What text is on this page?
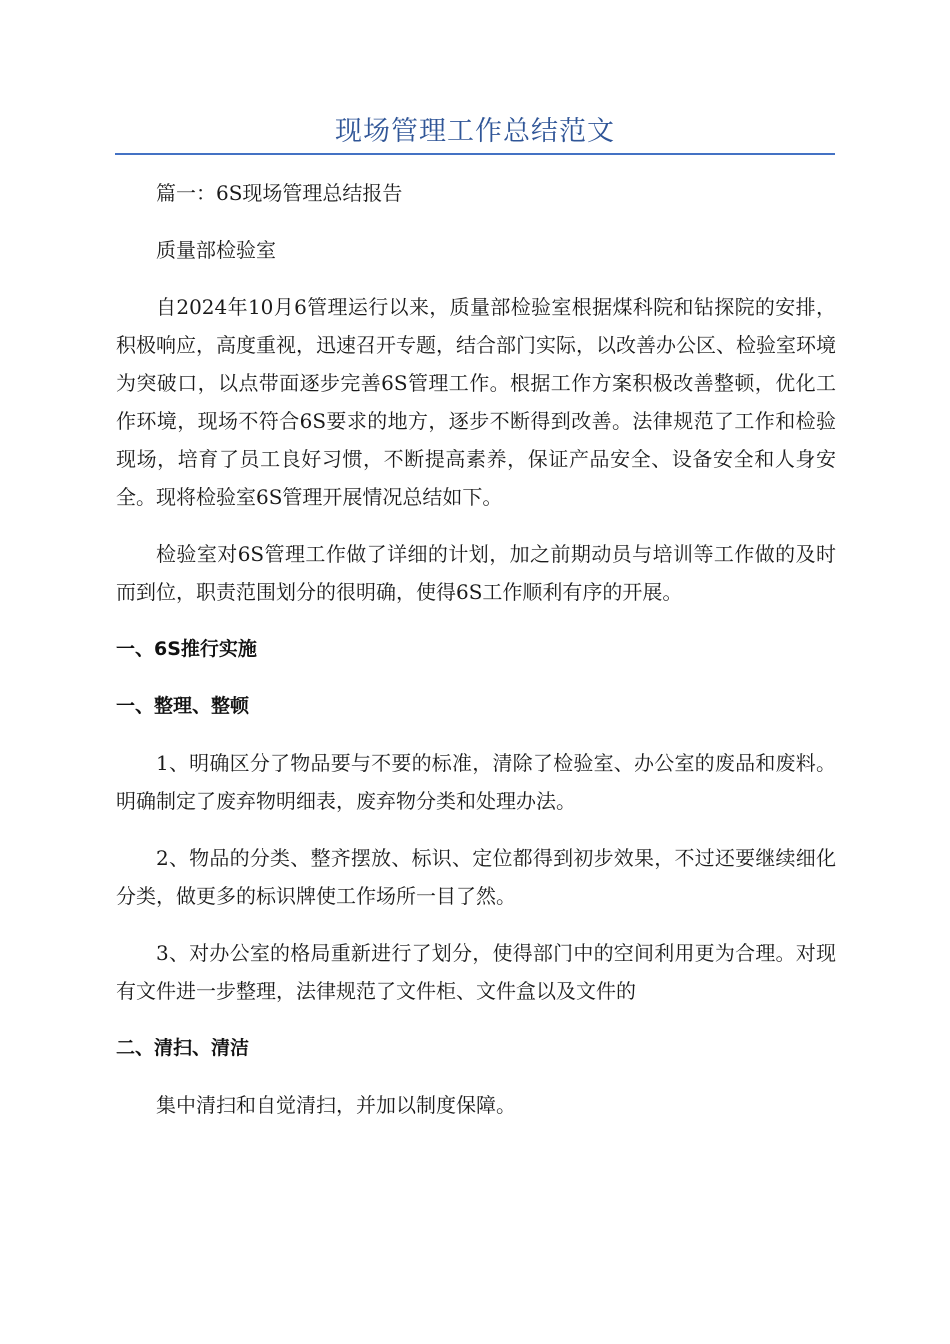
现场管理工作总结范文

篇一：6S现场管理总结报告

质量部检验室

自2024年10月6管理运行以来，质量部检验室根据煤科院和钻探院的安排，积极响应，高度重视，迅速召开专题，结合部门实际，以改善办公区、检验室环境为突破口，以点带面逐步完善6S管理工作。根据工作方案积极改善整顿，优化工作环境，现场不符合6S要求的地方，逐步不断得到改善。法律规范了工作和检验现场，培育了员工良好习惯，不断提高素养，保证产品安全、设备安全和人身安全。现将检验室6S管理开展情况总结如下。

检验室对6S管理工作做了详细的计划，加之前期动员与培训等工作做的及时而到位，职责范围划分的很明确，使得6S工作顺利有序的开展。

一、6S推行实施
一、整理、整顿

1、明确区分了物品要与不要的标准，清除了检验室、办公室的废品和废料。明确制定了废弃物明细表，废弃物分类和处理办法。

2、物品的分类、整齐摆放、标识、定位都得到初步效果，不过还要继续细化分类，做更多的标识牌使工作场所一目了然。

3、对办公室的格局重新进行了划分，使得部门中的空间利用更为合理。对现有文件进一步整理，法律规范了文件柜、文件盒以及文件的

二、清扫、清洁

集中清扫和自觉清扫，并加以制度保障。
